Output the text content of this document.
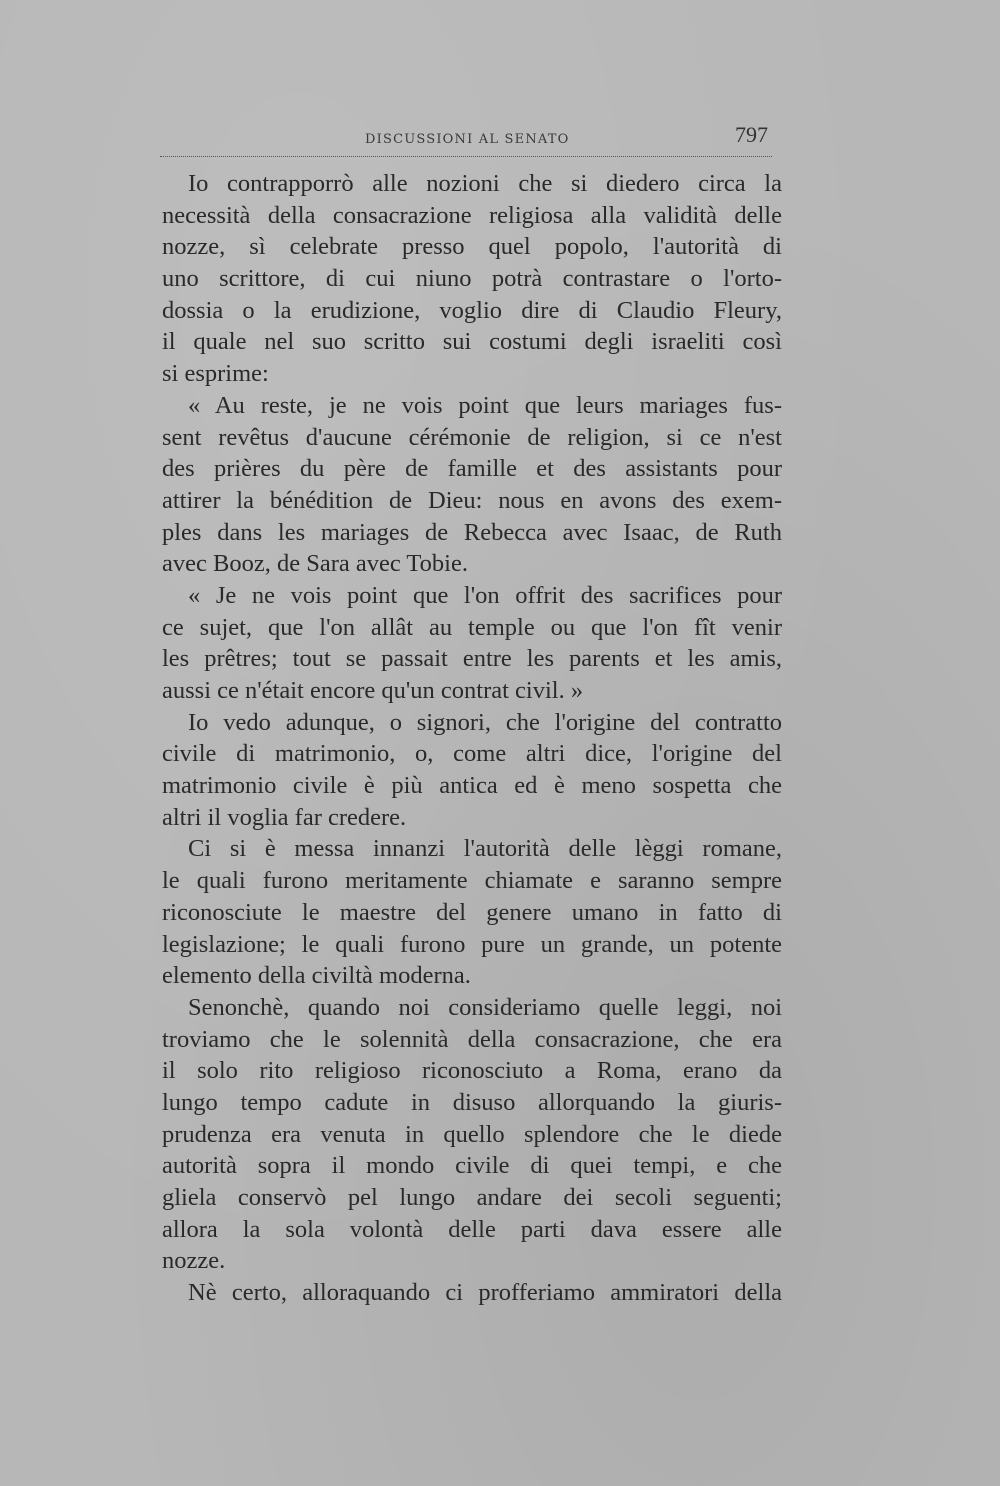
DISCUSSIONI AL SENATO	797
Io contrapporrò alle nozioni che si diedero circa la
necessità della consacrazione religiosa alla validità delle
nozze, sì celebrate presso quel popolo, l'autorità di
uno scrittore, di cui niuno potrà contrastare o l'orto-
dossia o la erudizione, voglio dire di Claudio Fleury,
il quale nel suo scritto sui costumi degli israeliti così
si esprime:
« Au reste, je ne vois point que leurs mariages fus-
sent revêtus d'aucune cérémonie de religion, si ce n'est
des prières du père de famille et des assistants pour
attirer la bénédition de Dieu: nous en avons des exem-
ples dans les mariages de Rebecca avec Isaac, de Ruth
avec Booz, de Sara avec Tobie.
« Je ne vois point que l'on offrit des sacrifices pour
ce sujet, que l'on allât au temple ou que l'on fît venir
les prêtres; tout se passait entre les parents et les amis,
aussi ce n'était encore qu'un contrat civil. »
Io vedo adunque, o signori, che l'origine del contratto
civile di matrimonio, o, come altri dice, l'origine del
matrimonio civile è più antica ed è meno sospetta che
altri il voglia far credere.
Ci si è messa innanzi l'autorità delle lèggi romane,
le quali furono meritamente chiamate e saranno sempre
riconosciute le maestre del genere umano in fatto di
legislazione; le quali furono pure un grande, un potente
elemento della civiltà moderna.
Senonchè, quando noi consideriamo quelle leggi, noi
troviamo che le solennità della consacrazione, che era
il solo rito religioso riconosciuto a Roma, erano da
lungo tempo cadute in disuso allorquando la giuris-
prudenza era venuta in quello splendore che le diede
autorità sopra il mondo civile di quei tempi, e che
gliela conservò pel lungo andare dei secoli seguenti;
allora la sola volontà delle parti dava essere alle
nozze.
Nè certo, alloraquando ci profferiamo ammiratori della
